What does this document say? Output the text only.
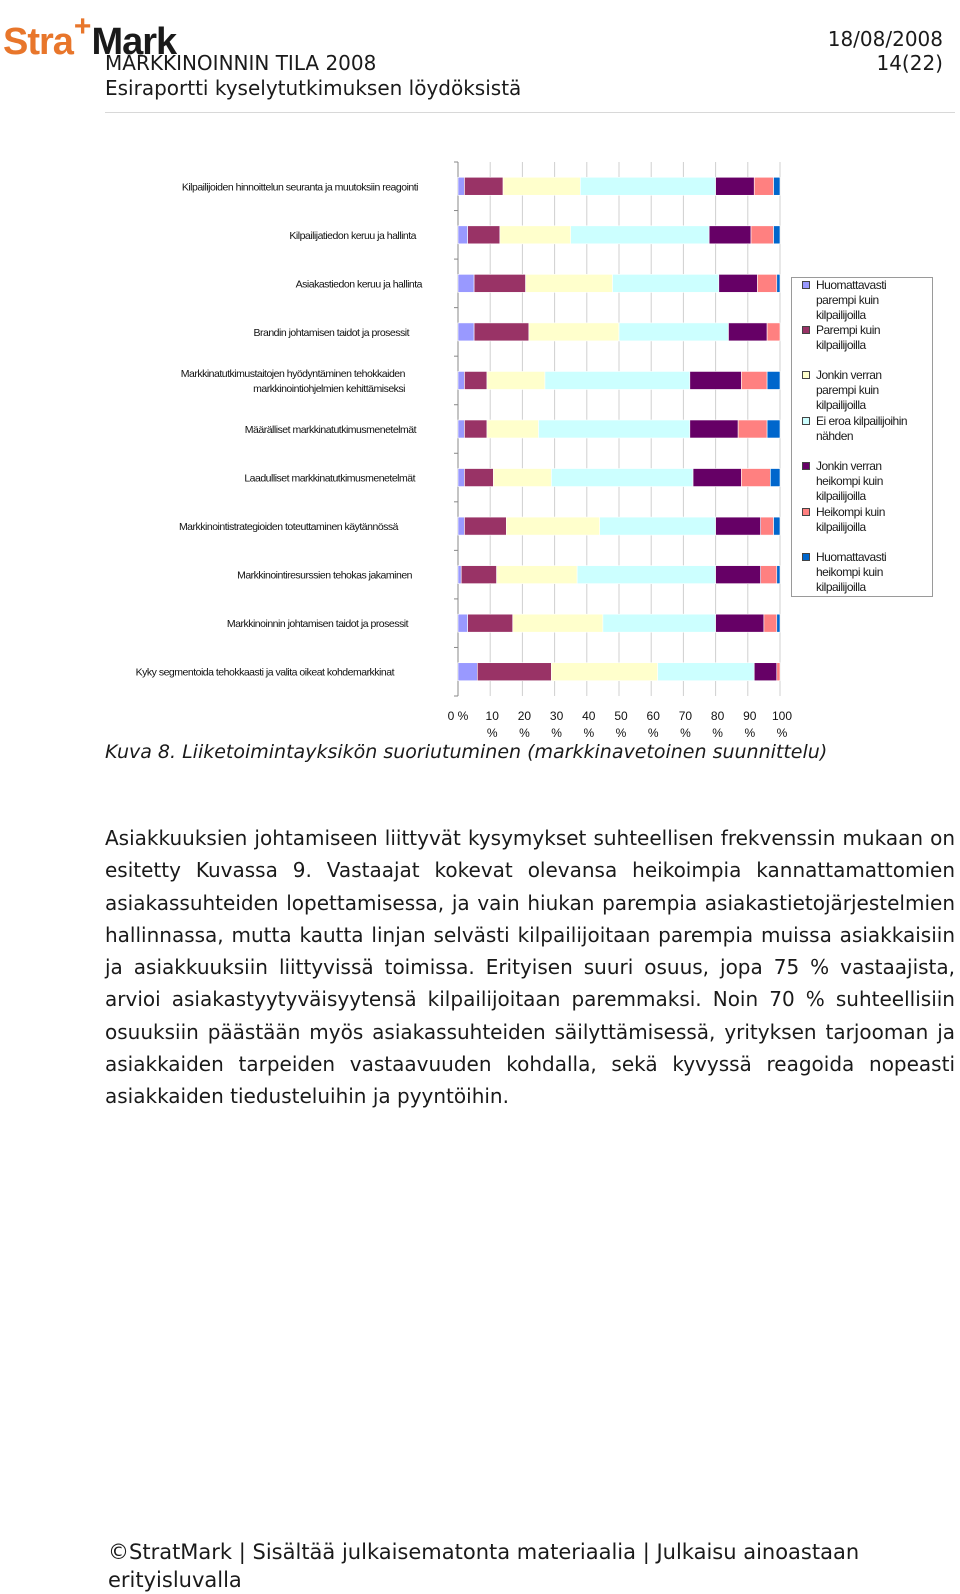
Stra+Mark
MARKKINOINNIN TILA 2008
Esiraportti kyselytutkimuksen löydöksistä
18/08/2008
14(22)
Kilpailijoiden hinnoittelun seuranta ja muutoksiin reagointi
Kilpailijatiedon keruu ja hallinta
Asiakastiedon keruu ja hallinta
Brandin johtamisen taidot ja prosessit
Markkinatutkimustaitojen hyödyntäminen tehokkaiden markkinointiohjelmien kehittämiseksi
Määrälliset markkinatutkimusmenetelmät
Laadulliset markkinatutkimusmenetelmät
Markkinointistrategioiden toteuttaminen käytännössä
Markkinointiresurssien tehokas jakaminen
Markkinoinnin johtamisen taidot ja prosessit
Kyky segmentoida tehokkaasti ja valita oikeat kohdemarkkinat
0 % 10 %
20 %
30 %
40 %
50 %
60 %
70 %
80 %
90 %
100 %
Huomattavasti
parempi kuin
kilpailijoilla
Parempi kuin
kilpailijoilla
Jonkin verran
parempi kuin
kilpailijoilla
Ei eroa kilpailijoihin
nähden
Jonkin verran
heikompi kuin
kilpailijoilla
Heikompi kuin
kilpailijoilla
Huomattavasti
heikompi kuin
kilpailijoilla
Kuva 8. Liiketoimintayksikön suoriutuminen (markkinavetoinen suunnittelu)
Asiakkuuksien johtamiseen liittyvät kysymykset suhteellisen frekvenssin mukaan on esitetty Kuvassa 9. Vastaajat kokevat olevansa heikoimpia kannattamattomien asiakassuhteiden lopettamisessa, ja vain hiukan parempia asiakastietojärjestelmien hallinnassa, mutta kautta linjan selvästi kilpailijoitaan parempia muissa asiakkaisiin ja asiakkuuksiin liittyvissä toimissa. Erityisen suuri osuus, jopa 75 % vastaajista, arvioi asiakastyytyväisyytensä kilpailijoitaan paremmaksi. Noin 70 % suhteellisiin osuuksiin päästään myös asiakassuhteiden säilyttämisessä, yrityksen tarjooman ja asiakkaiden tarpeiden vastaavuuden kohdalla, sekä kyvyssä reagoida nopeasti asiakkaiden tiedusteluihin ja pyyntöihin.
©StratMark | Sisältää julkaisematonta materiaalia | Julkaisu ainoastaan erityisluvalla
